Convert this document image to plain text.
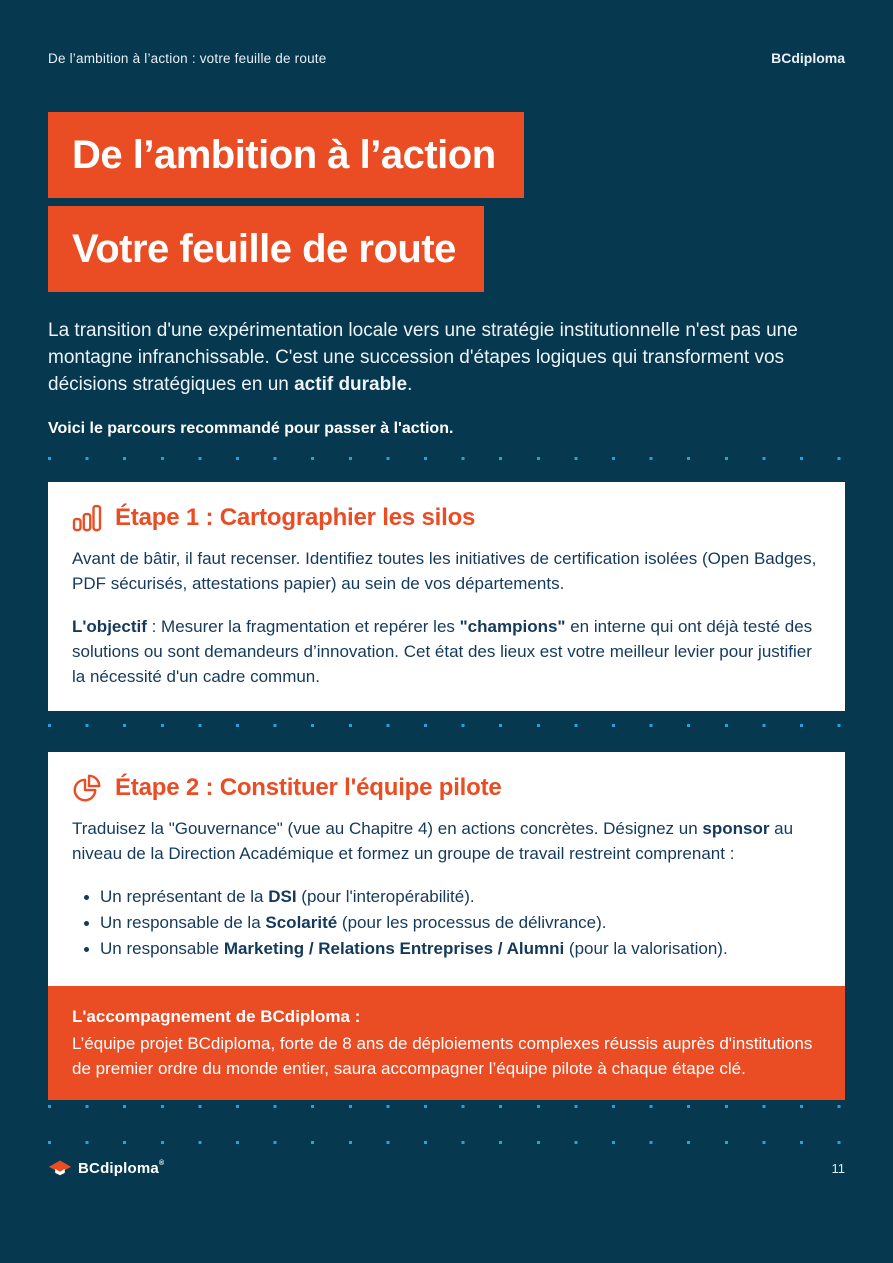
De l’ambition à l’action : votre feuille de route	BCdiploma
De l’ambition à l’action
Votre feuille de route

La transition d'une expérimentation locale vers une stratégie institutionnelle n'est pas une montagne infranchissable. C'est une succession d'étapes logiques qui transforment vos décisions stratégiques en un actif durable.

Voici le parcours recommandé pour passer à l'action.

Étape 1 : Cartographier les silos

Avant de bâtir, il faut recenser. Identifiez toutes les initiatives de certification isolées (Open Badges, PDF sécurisés, attestations papier) au sein de vos départements.

L'objectif : Mesurer la fragmentation et repérer les "champions" en interne qui ont déjà testé des solutions ou sont demandeurs d’innovation. Cet état des lieux est votre meilleur levier pour justifier la nécessité d'un cadre commun.

Étape 2 : Constituer l'équipe pilote

Traduisez la "Gouvernance" (vue au Chapitre 4) en actions concrètes. Désignez un sponsor au niveau de la Direction Académique et formez un groupe de travail restreint comprenant :

Un représentant de la DSI (pour l'interopérabilité).
Un responsable de la Scolarité (pour les processus de délivrance).
Un responsable Marketing / Relations Entreprises / Alumni (pour la valorisation).

L'accompagnement de BCdiploma :

L’équipe projet BCdiploma, forte de 8 ans de déploiements complexes réussis auprès d'institutions de premier ordre du monde entier, saura accompagner l’équipe pilote à chaque étape clé.

BCdiploma®	11
